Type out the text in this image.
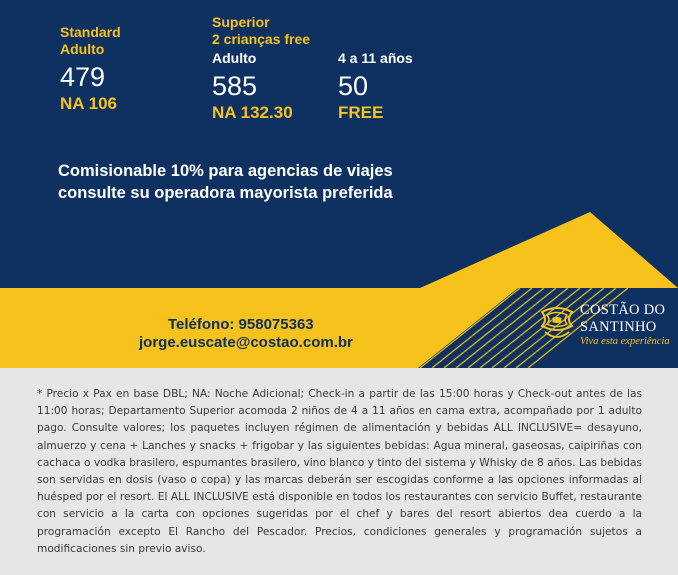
Standard
Adulto
479
NA 106
Superior
2 crianças free
Adulto
585
NA 132.30
4 a 11 años
50
FREE
Comisionable 10% para agencias de viajes
consulte su operadora mayorista preferida
Teléfono: 958075363
jorge.euscate@costao.com.br
COSTÃO DO
SANTINHO
Viva esta experiência
* Precio x Pax en base DBL; NA: Noche Adicional; Check-in a partir de las 15:00 horas y Check-out antes de las 11:00 horas; Departamento Superior acomoda 2 niños de 4 a 11 años en cama extra, acompañado por 1 adulto pago. Consulte valores; los paquetes incluyen régimen de alimentación y bebidas ALL INCLUSIVE= desayuno, almuerzo y cena + Lanches y snacks + frigobar y las siguientes bebidas: Agua mineral, gaseosas, caipiriñas con cachaca o vodka brasilero, espumantes brasilero, vino blanco y tinto del sistema y Whisky de 8 años. Las bebidas son servidas en dosis (vaso o copa) y las marcas deberán ser escogidas conforme a las opciones informadas al huésped por el resort. El ALL INCLUSIVE está disponible en todos los restaurantes con servicio Buffet, restaurante con servicio a la carta con opciones sugeridas por el chef y bares del resort abiertos dea cuerdo a la programación excepto El Rancho del Pescador. Precios, condiciones generales y programación sujetos a modificaciones sin previo aviso.
